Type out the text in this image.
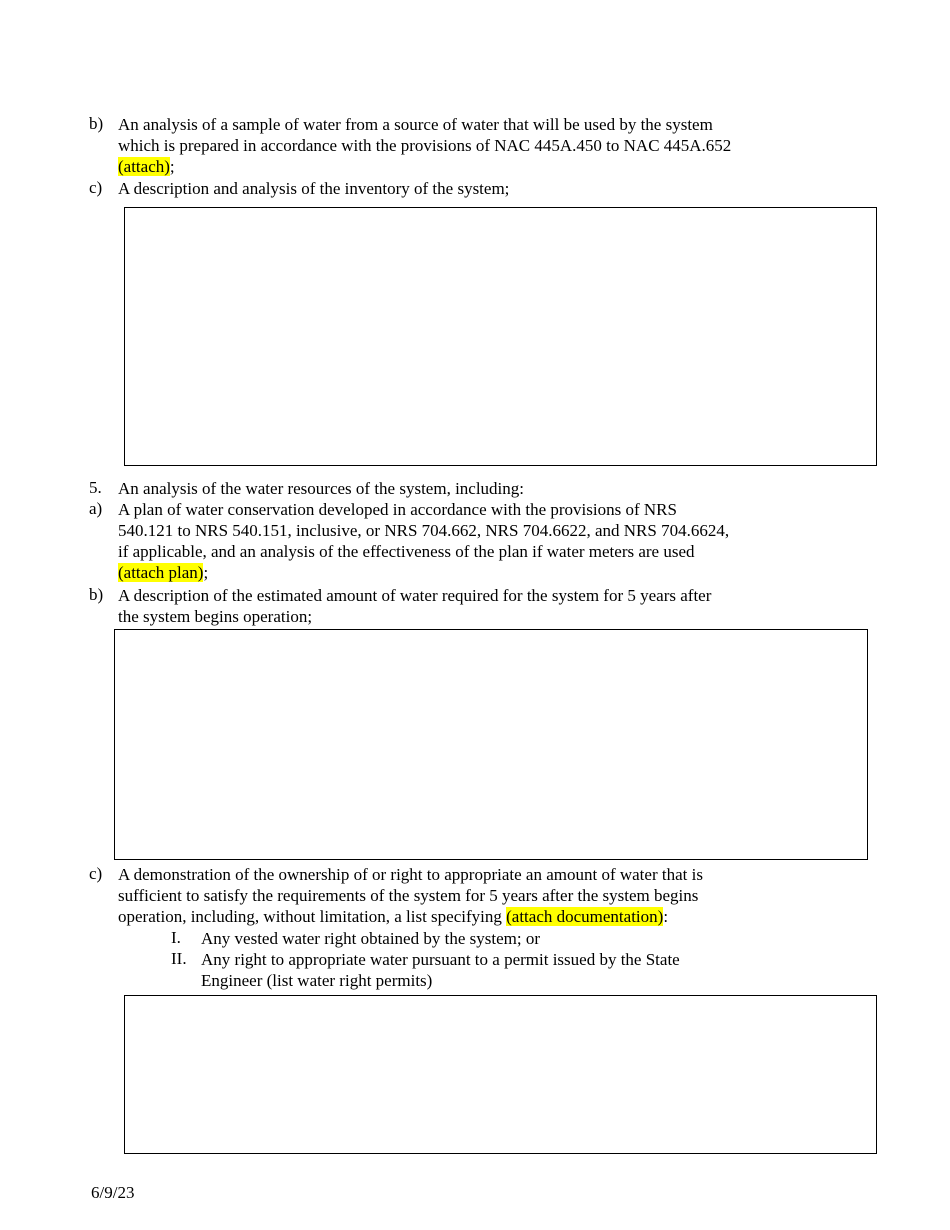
b) An analysis of a sample of water from a source of water that will be used by the system
which is prepared in accordance with the provisions of NAC 445A.450 to NAC 445A.652
(attach);
c) A description and analysis of the inventory of the system;
5. An analysis of the water resources of the system, including:
a) A plan of water conservation developed in accordance with the provisions of NRS
540.121 to NRS 540.151, inclusive, or NRS 704.662, NRS 704.6622, and NRS 704.6624,
if applicable, and an analysis of the effectiveness of the plan if water meters are used
(attach plan);
b) A description of the estimated amount of water required for the system for 5 years after
the system begins operation;
c) A demonstration of the ownership of or right to appropriate an amount of water that is
sufficient to satisfy the requirements of the system for 5 years after the system begins
operation, including, without limitation, a list specifying (attach documentation):
I. Any vested water right obtained by the system; or
II. Any right to appropriate water pursuant to a permit issued by the State
Engineer (list water right permits)
6/9/23
